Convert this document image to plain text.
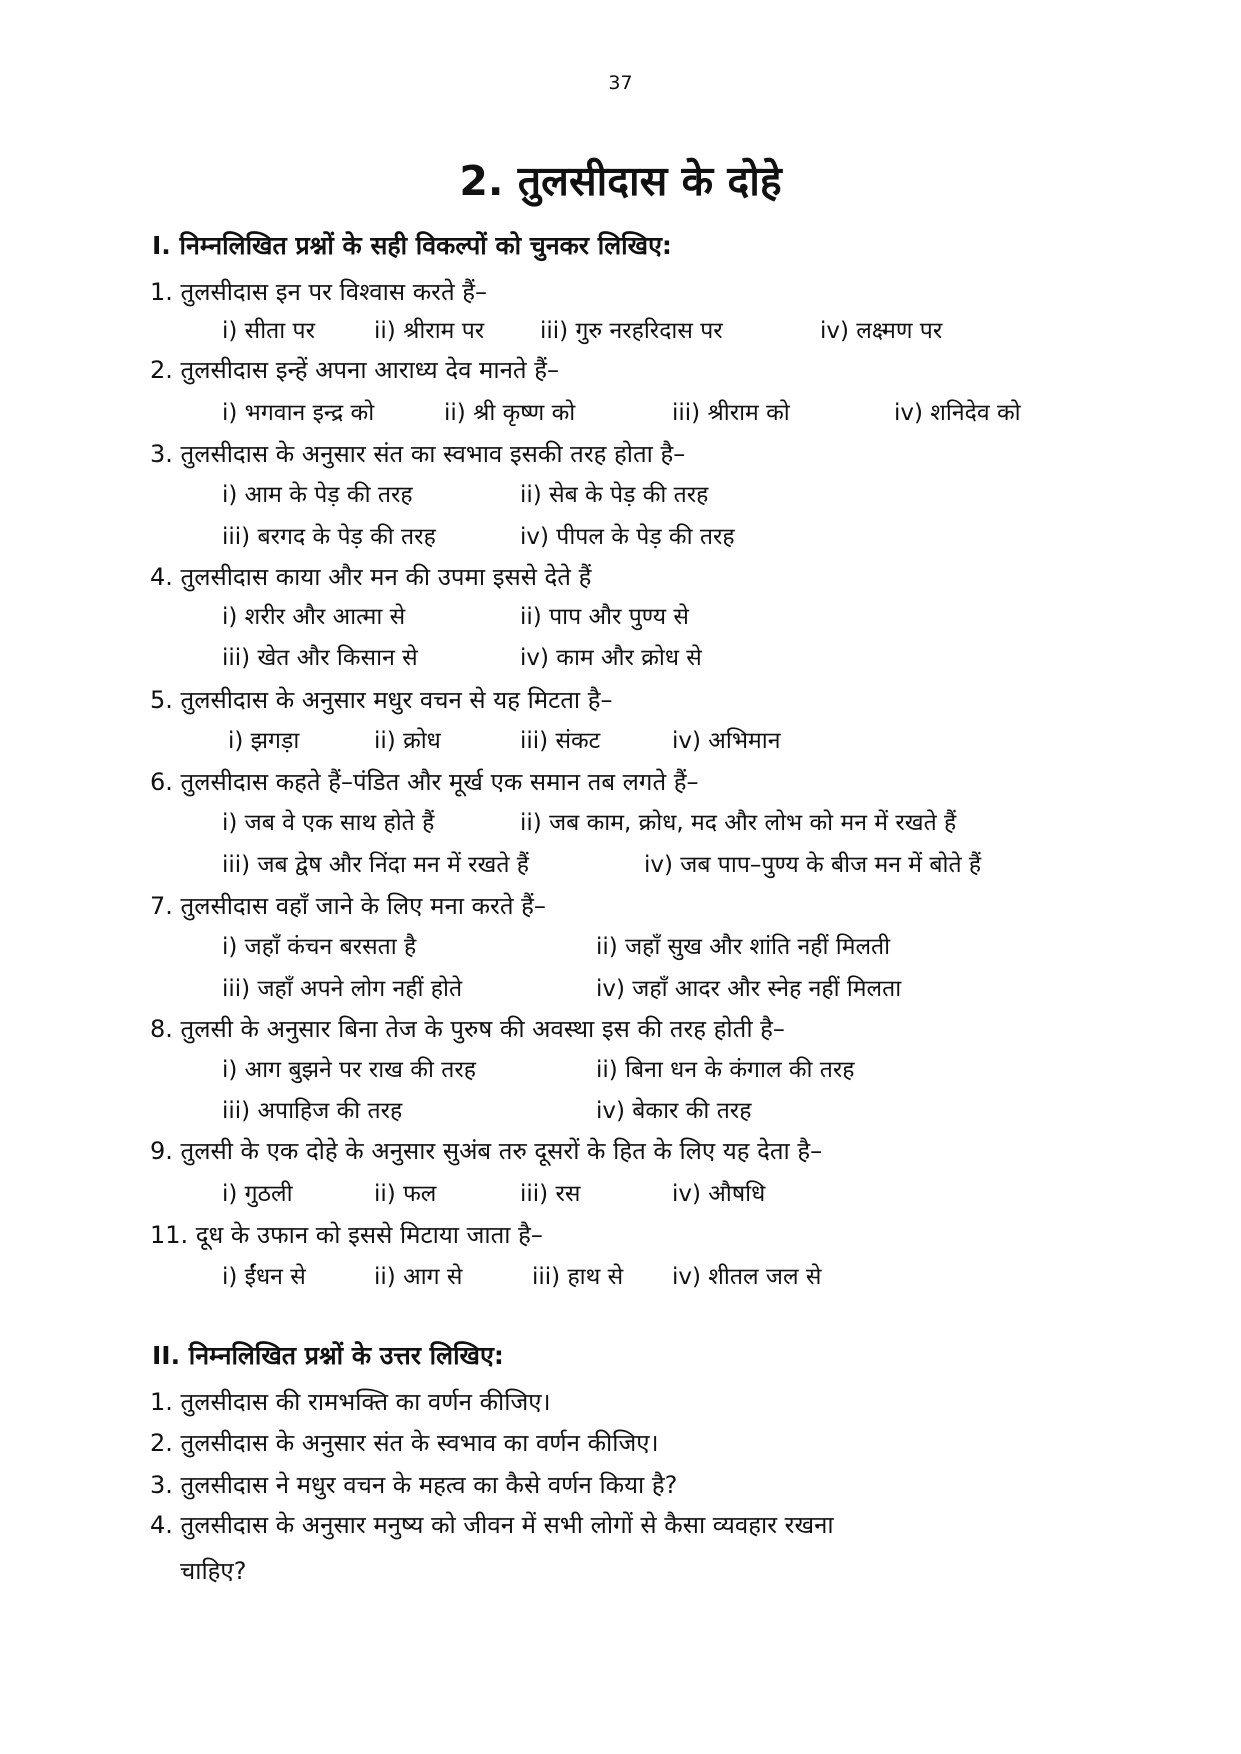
37
2. तुलसीदास के दोहे
I. निम्नलिखित प्रश्नों के सही विकल्पों को चुनकर लिखिए:
1. तुलसीदास इन पर विश्वास करते हैं–
i) सीता पर	ii) श्रीराम पर iii) गुरु नरहरिदास पर	iv) लक्ष्मण पर
2. तुलसीदास इन्हें अपना आराध्य देव मानते हैं–
i) भगवान इन्द्र को	ii) श्री कृष्ण को	iii) श्रीराम को	iv) शनिदेव को
3. तुलसीदास के अनुसार संत का स्वभाव इसकी तरह होता है–
i) आम के पेड़ की तरह	ii) सेब के पेड़ की तरह
iii) बरगद के पेड़ की तरह	iv) पीपल के पेड़ की तरह
4. तुलसीदास काया और मन की उपमा इससे देते हैं
i) शरीर और आत्मा से	ii) पाप और पुण्य से
iii) खेत और किसान से	iv) काम और क्रोध से
5. तुलसीदास के अनुसार मधुर वचन से यह मिटता है–
i) झगड़ा	ii) क्रोध	iii) संकट	iv) अभिमान
6. तुलसीदास कहते हैं–पंडित और मूर्ख एक समान तब लगते हैं–
i) जब वे एक साथ होते हैं	ii) जब काम, क्रोध, मद और लोभ को मन में रखते हैं
iii) जब द्वेष और निंदा मन में रखते हैं	iv) जब पाप–पुण्य के बीज मन में बोते हैं
7. तुलसीदास वहाँ जाने के लिए मना करते हैं–
i) जहाँ कंचन बरसता है	ii) जहाँ सुख और शांति नहीं मिलती
iii) जहाँ अपने लोग नहीं होते	iv) जहाँ आदर और स्नेह नहीं मिलता
8. तुलसी के अनुसार बिना तेज के पुरुष की अवस्था इस की तरह होती है–
i) आग बुझने पर राख की तरह	ii) बिना धन के कंगाल की तरह
iii) अपाहिज की तरह	iv) बेकार की तरह
9. तुलसी के एक दोहे के अनुसार सुअंब तरु दूसरों के हित के लिए यह देता है–
i) गुठली	ii) फल	iii) रस	iv) औषधि
11. दूध के उफान को इससे मिटाया जाता है–
i) ईंधन से	ii) आग से	iii) हाथ से iv) शीतल जल से
II. निम्नलिखित प्रश्नों के उत्तर लिखिए:
1. तुलसीदास की रामभक्ति का वर्णन कीजिए।
2. तुलसीदास के अनुसार संत के स्वभाव का वर्णन कीजिए।
3. तुलसीदास ने मधुर वचन के महत्व का कैसे वर्णन किया है?
4. तुलसीदास के अनुसार मनुष्य को जीवन में सभी लोगों से कैसा व्यवहार रखना
चाहिए?
